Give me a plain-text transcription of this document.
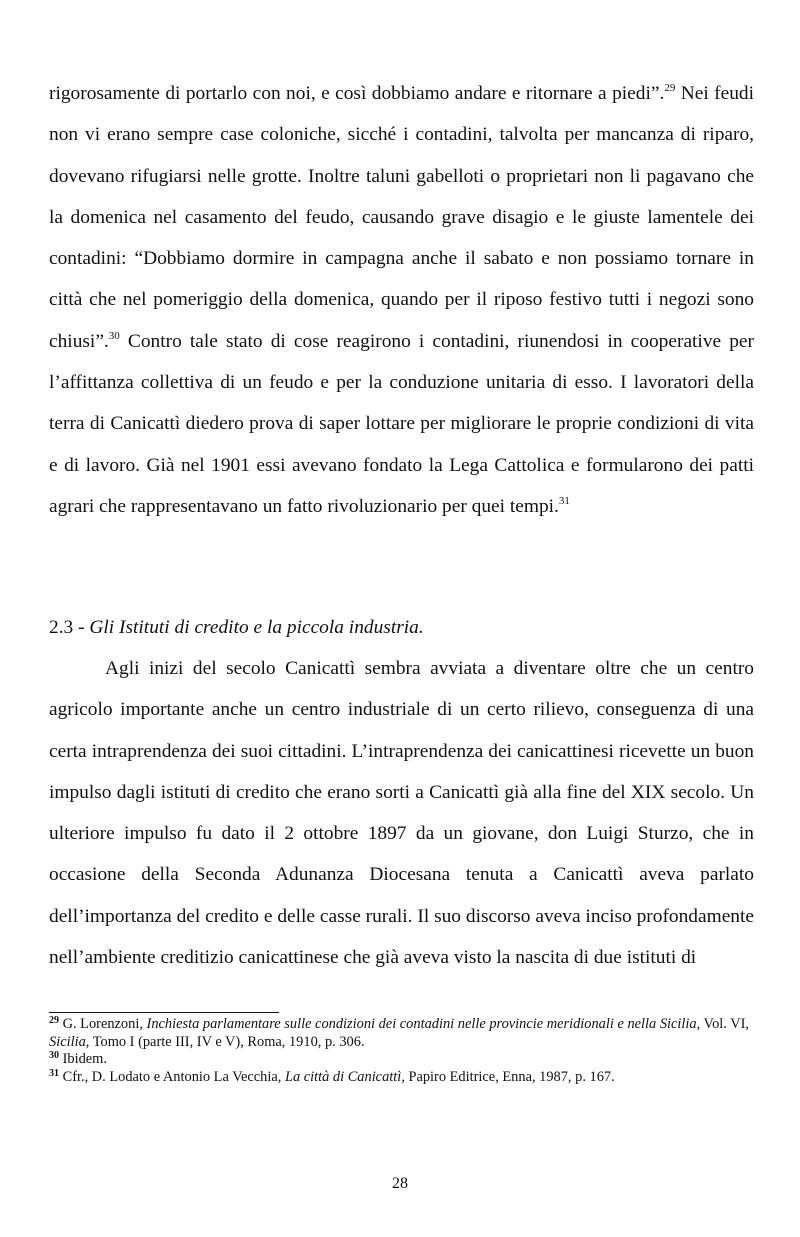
rigorosamente di portarlo con noi, e così dobbiamo andare e ritornare a piedi”.$^{29}$ Nei feudi non vi erano sempre case coloniche, sicché i contadini, talvolta per mancanza di riparo, dovevano rifugiarsi nelle grotte. Inoltre taluni gabelloti o proprietari non li pagavano che la domenica nel casamento del feudo, causando grave disagio e le giuste lamentele dei contadini: “Dobbiamo dormire in campagna anche il sabato e non possiamo tornare in città che nel pomeriggio della domenica, quando per il riposo festivo tutti i negozi sono chiusi”.$^{30}$ Contro tale stato di cose reagirono i contadini, riunendosi in cooperative per l’affittanza collettiva di un feudo e per la conduzione unitaria di esso. I lavoratori della terra di Canicattì diedero prova di saper lottare per migliorare le proprie condizioni di vita e di lavoro. Già nel 1901 essi avevano fondato la Lega Cattolica e formularono dei patti agrari che rappresentavano un fatto rivoluzionario per quei tempi.$^{31}$

2.3 - Gli Istituti di credito e la piccola industria.

Agli inizi del secolo Canicattì sembra avviata a diventare oltre che un centro agricolo importante anche un centro industriale di un certo rilievo, conseguenza di una certa intraprendenza dei suoi cittadini. L’intraprendenza dei canicattinesi ricevette un buon impulso dagli istituti di credito che erano sorti a Canicattì già alla fine del XIX secolo. Un ulteriore impulso fu dato il 2 ottobre 1897 da un giovane, don Luigi Sturzo, che in occasione della Seconda Adunanza Diocesana tenuta a Canicattì aveva parlato dell’importanza del credito e delle casse rurali. Il suo discorso aveva inciso profondamente nell’ambiente creditizio canicattinese che già aveva visto la nascita di due istituti di

$^{29}$ G. Lorenzoni, Inchiesta parlamentare sulle condizioni dei contadini nelle provincie meridionali e nella Sicilia, Vol. VI, Sicilia, Tomo I (parte III, IV e V), Roma, 1910, p. 306.

$^{30}$ Ibidem.

$^{31}$ Cfr., D. Lodato e Antonio La Vecchia, La città di Canicattì, Papiro Editrice, Enna, 1987, p. 167.

28
